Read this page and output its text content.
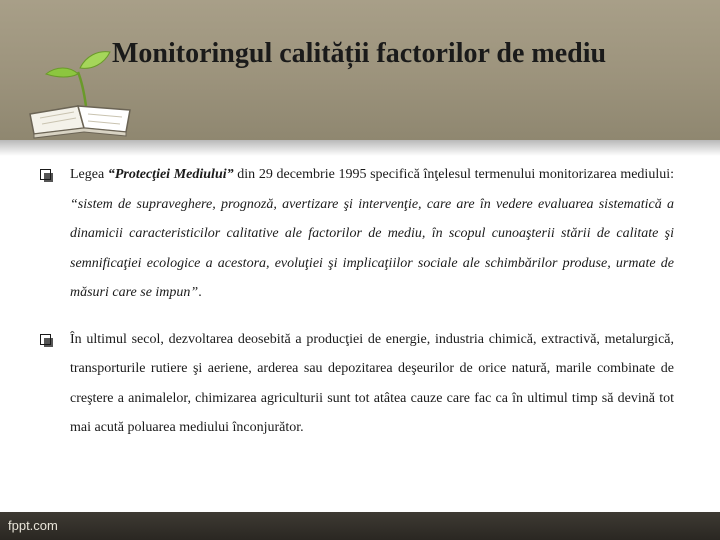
Monitoringul calității factorilor de mediu
Legea “Protecţiei Mediului” din 29 decembrie 1995 specifică înţelesul termenului monitorizarea mediului: “sistem de supraveghere, prognoză, avertizare şi intervenţie, care are în vedere evaluarea sistematică a dinamicii caracteristicilor calitative ale factorilor de mediu, în scopul cunoaşterii stării de calitate şi semnificaţiei ecologice a acestora, evoluţiei şi implicaţiilor sociale ale schimbărilor produse, urmate de măsuri care se impun”.
În ultimul secol, dezvoltarea deosebită a producţiei de energie, industria chimică, extractivă, metalurgică, transporturile rutiere şi aeriene, arderea sau depozitarea deşeurilor de orice natură, marile combinate de creştere a animalelor, chimizarea agriculturii sunt tot atâtea cauze care fac ca în ultimul timp să devină tot mai acută poluarea mediului înconjurător.
fppt.com
